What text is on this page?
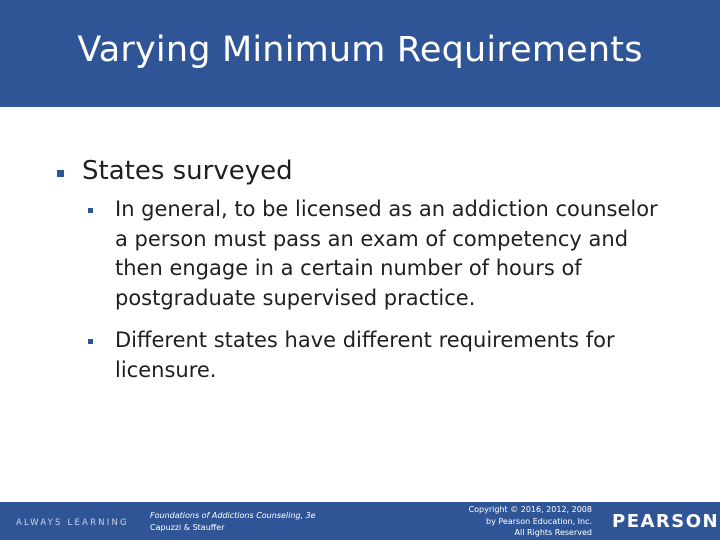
Varying Minimum Requirements
States surveyed
In general, to be licensed as an addiction counselor a person must pass an exam of competency and then engage in a certain number of hours of postgraduate supervised practice.
Different states have different requirements for licensure.
ALWAYS LEARNING
Foundations of Addictions Counseling, 3e
Capuzzi & Stauffer
Copyright © 2016, 2012, 2008
by Pearson Education, Inc.
All Rights Reserved
PEARSON
